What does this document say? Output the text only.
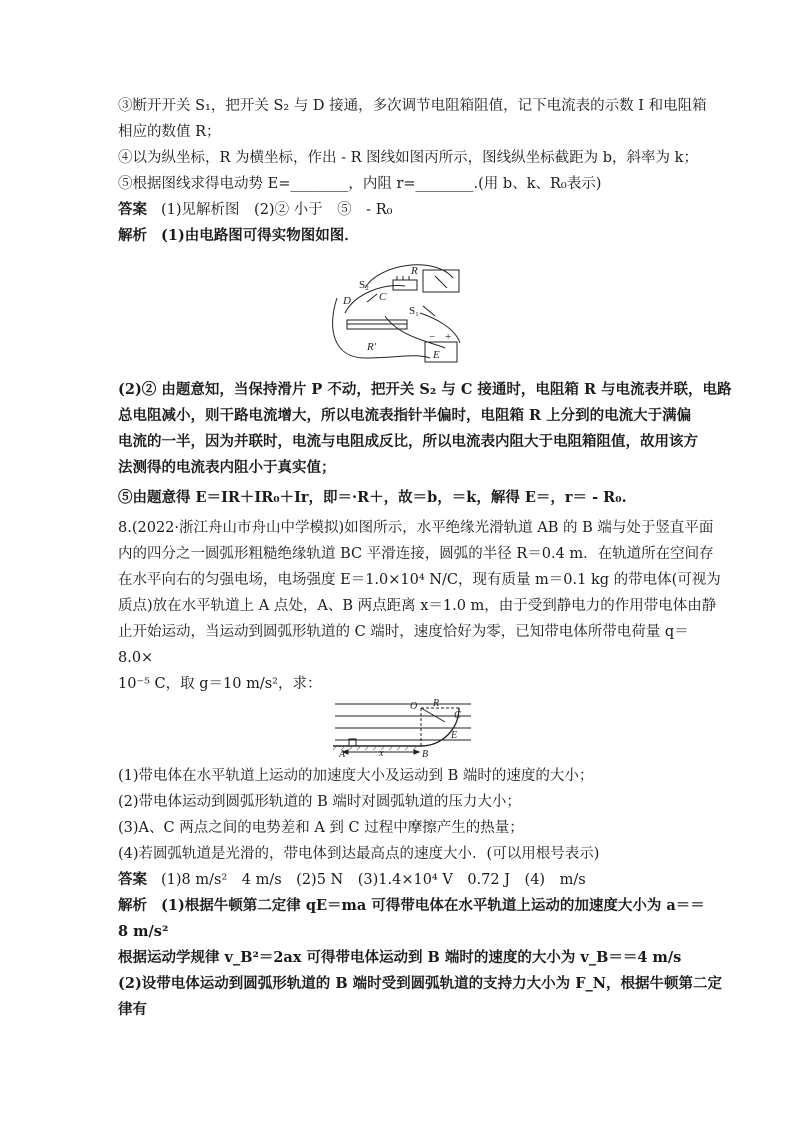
③断开开关 S₁，把开关 S₂ 与 D 接通，多次调节电阻箱阻值，记下电流表的示数 I 和电阻箱
相应的数值 R；
④以为纵坐标，R 为横坐标，作出 - R 图线如图丙所示，图线纵坐标截距为 b，斜率为 k；
⑤根据图线求得电动势 E=________，内阻 r=________.(用 b、k、R₀表示)
答案 (1)见解析图　(2)② 小于　⑤　- R₀
解析 (1)由电路图可得实物图如图．
R
S₂
D	C
S₁
R′
E
− +
(2)② 由题意知，当保持滑片 P 不动，把开关 S₂ 与 C 接通时，电阻箱 R 与电流表并联，电路
总电阻减小，则干路电流增大，所以电流表指针半偏时，电阻箱 R 上分到的电流大于满偏
电流的一半，因为并联时，电流与电阻成反比，所以电流表内阻大于电阻箱阻值，故用该方
法测得的电流表内阻小于真实值；
⑤由题意得 E＝IR＋IR₀＋Ir，即＝·R＋，故＝b，＝k，解得 E＝，r＝ - R₀.
8.(2022·浙江舟山市舟山中学模拟)如图所示，水平绝缘光滑轨道 AB 的 B 端与处于竖直平面
内的四分之一圆弧形粗糙绝缘轨道 BC 平滑连接，圆弧的半径 R＝0.4 m．在轨道所在空间存
在水平向右的匀强电场，电场强度 E＝1.0×10⁴ N/C，现有质量 m＝0.1 kg 的带电体(可视为
质点)放在水平轨道上 A 点处，A、B 两点距离 x＝1.0 m，由于受到静电力的作用带电体由静
止开始运动，当运动到圆弧形轨道的 C 端时，速度恰好为零，已知带电体所带电荷量 q＝
8.0×
10⁻⁵ C，取 g＝10 m/s²，求：
O R
C
E
A	x	B
(1)带电体在水平轨道上运动的加速度大小及运动到 B 端时的速度的大小；
(2)带电体运动到圆弧形轨道的 B 端时对圆弧轨道的压力大小；
(3)A、C 两点之间的电势差和 A 到 C 过程中摩擦产生的热量；
(4)若圆弧轨道是光滑的，带电体到达最高点的速度大小．(可以用根号表示)
答案 (1)8 m/s²　4 m/s　(2)5 N　(3)1.4×10⁴ V　0.72 J　(4)　m/s
解析 (1)根据牛顿第二定律 qE＝ma 可得带电体在水平轨道上运动的加速度大小为 a＝＝
8 m/s²
根据运动学规律 v_B²＝2ax 可得带电体运动到 B 端时的速度的大小为 v_B＝＝4 m/s
(2)设带电体运动到圆弧形轨道的 B 端时受到圆弧轨道的支持力大小为 F_N，根据牛顿第二定
律有
